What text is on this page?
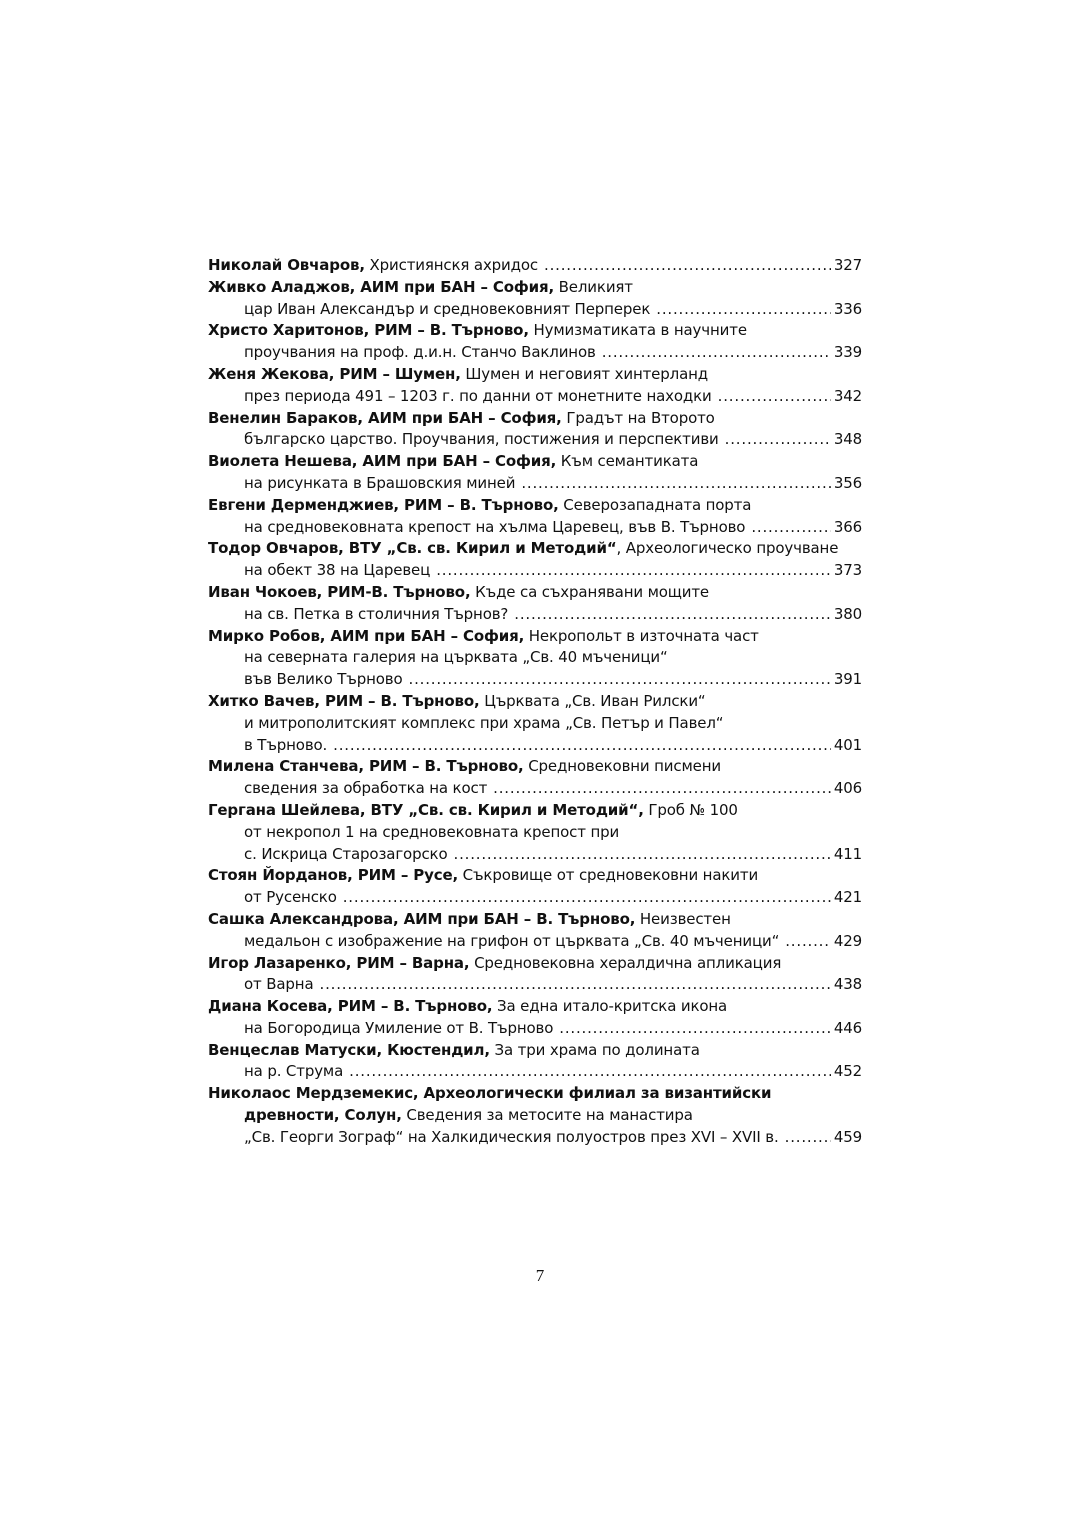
Николай Овчаров, Християнскя ахридос .....	327
Живко Аладжов, АИМ при БАН – София, Великият
цар Иван Александър и средновековният Перперек .....	336
Христо Харитонов, РИМ – В. Търново, Нумизматиката в научните
проучвания на проф. д.и.н. Станчо Ваклинов .....	339
Женя Жекова, РИМ – Шумен, Шумен и неговият хинтерланд
през периода 491 – 1203 г. по данни от монетните находки .....	342
Венелин Бараков, АИМ при БАН – София, Градът на Второто
българско царство. Проучвания, постижения и перспективи .....	348
Виолета Нешева, АИМ при БАН – София, Към семантиката
на рисунката в Брашовския миней .....	356
Евгени Дерменджиев, РИМ – В. Търново, Северозападната порта
на средновековната крепост на хълма Царевец, във В. Търново .....	366
Тодор Овчаров, ВТУ „Св. св. Кирил и Методий“, Археологическо проучване
на обект 38 на Царевец .....	373
Иван Чокоев, РИМ-В. Търново, Къде са съхранявани мощите
на св. Петка в столичния Търнов? .....	380
Мирко Робов, АИМ при БАН – София, Некропольт в източната част
на северната галерия на църквата „Св. 40 мъченици“
във Велико Търново .....	391
Хитко Вачев, РИМ – В. Търново, Църквата „Св. Иван Рилски“
и митрополитският комплекс при храма „Св. Петър и Павел“
в Търново. .....	401
Милена Станчева, РИМ – В. Търново, Средновековни писмени
сведения за обработка на кост .....	406
Гергана Шейлева, ВТУ „Св. св. Кирил и Методий“, Гроб № 100
от некропол 1 на средновековната крепост при
с. Искрица Старозагорско .....	411
Стоян Йорданов, РИМ – Русе, Съкровище от средновековни накити
от Русенско .....	421
Сашка Александрова, АИМ при БАН – В. Търново, Неизвестен
медальон с изображение на грифон от църквата „Св. 40 мъченици“ .....	429
Игор Лазаренко, РИМ – Варна, Средновековна хералдична апликация
от Варна .....	438
Диана Косева, РИМ – В. Търново, За една итало-критска икона
на Богородица Умиление от В. Търново .....	446
Венцеслав Матуски, Кюстендил, За три храма по долината
на р. Струма .....	452
Николаос Мердземекис, Археологически филиал за византийски
древности, Солун, Сведения за метосите на манастира
„Св. Георги Зограф“ на Халкидическия полуостров през XVI – XVII в. .....	459
7
